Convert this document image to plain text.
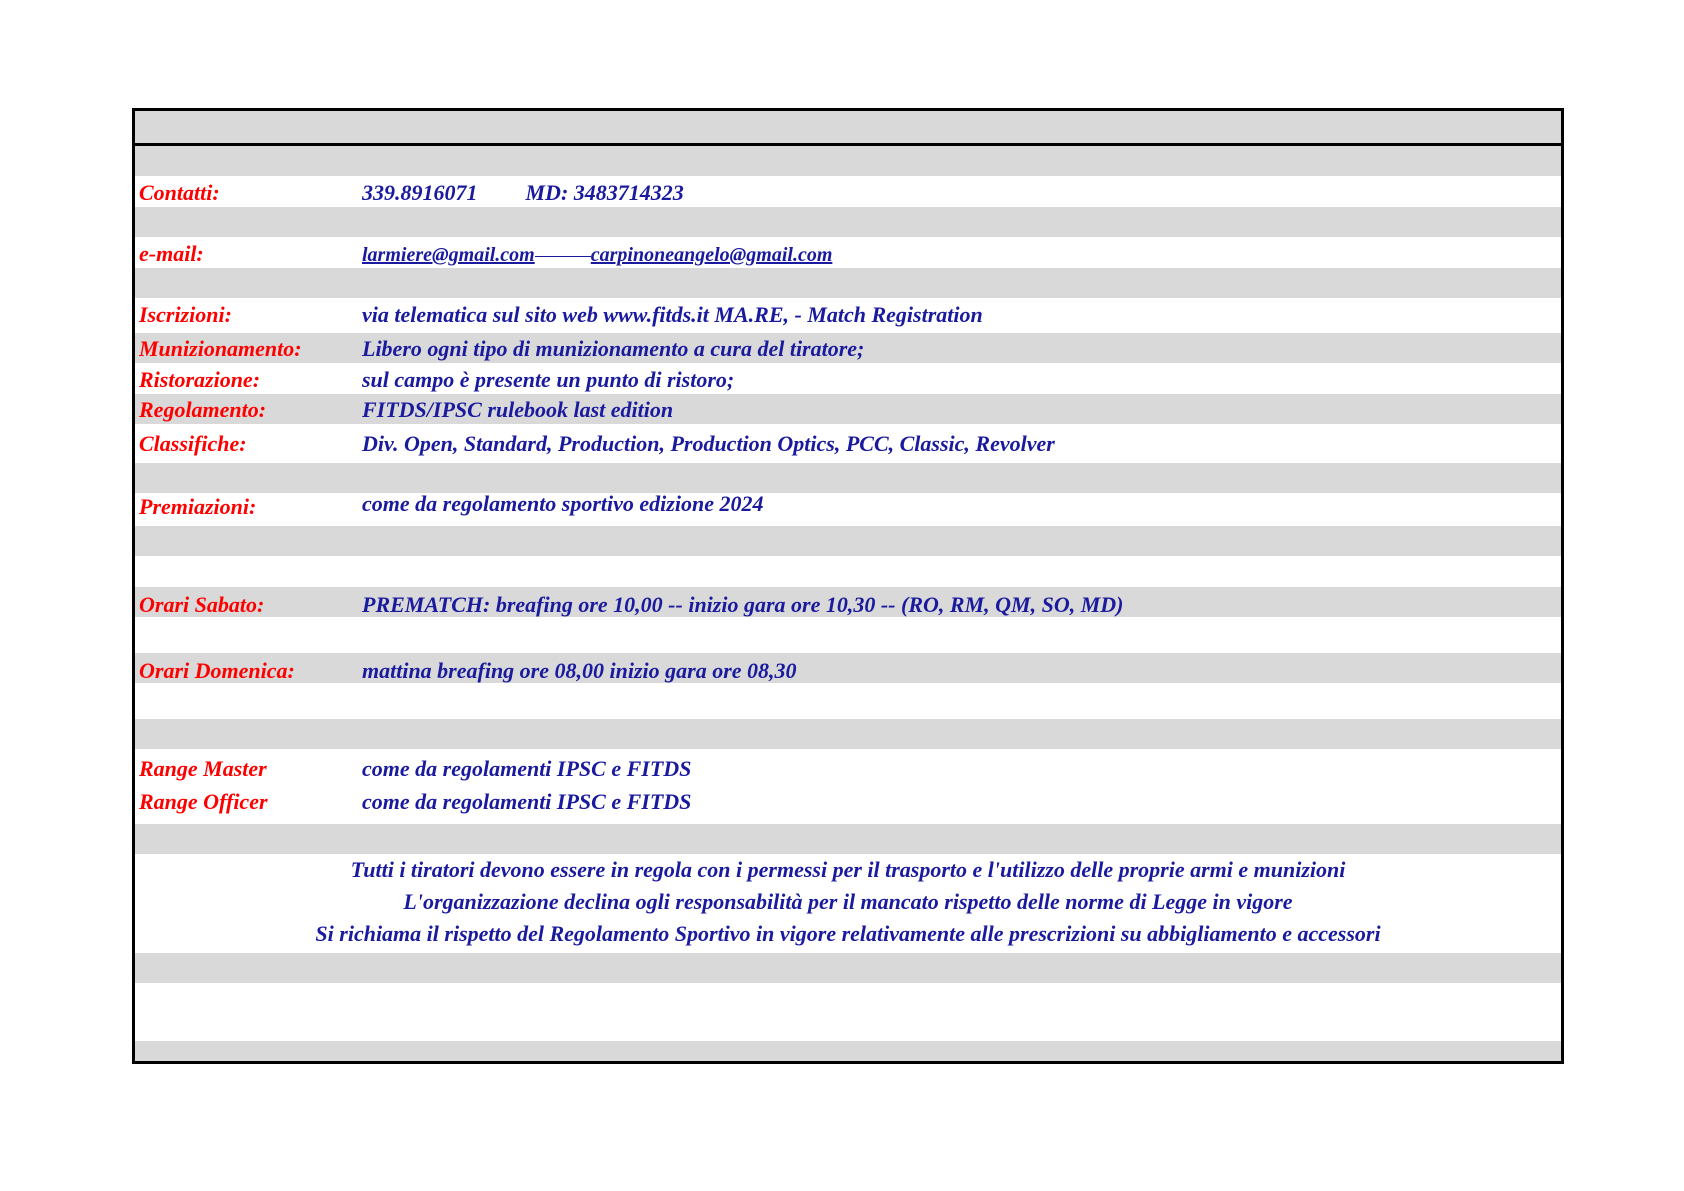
Contatti:	339.8916071 MD: 3483714323
e-mail:	larmiere@gmail.com	carpinoneangelo@gmail.com
Iscrizioni:	via telematica sul sito web www.fitds.it MA.RE, - Match Registration
Munizionamento:	Libero ogni tipo di munizionamento a cura del tiratore;
Ristorazione:	sul campo è presente un punto di ristoro;
Regolamento:	FITDS/IPSC rulebook last edition
Classifiche:	Div. Open, Standard, Production, Production Optics, PCC, Classic, Revolver
Premiazioni:	come da regolamento sportivo edizione 2024
Orari Sabato:	PREMATCH: breafing ore 10,00 -- inizio gara ore 10,30 -- (RO, RM, QM, SO, MD)
Orari Domenica:	mattina breafing ore 08,00 inizio gara ore 08,30
Range Master	come da regolamenti IPSC e FITDS
Range Officer	come da regolamenti IPSC e FITDS
Tutti i tiratori devono essere in regola con i permessi per il trasporto e l'utilizzo delle proprie armi e munizioni
L'organizzazione declina ogli responsabilità per il mancato rispetto delle norme di Legge in vigore
Si richiama il rispetto del Regolamento Sportivo in vigore relativamente alle prescrizioni su abbigliamento e accessori
